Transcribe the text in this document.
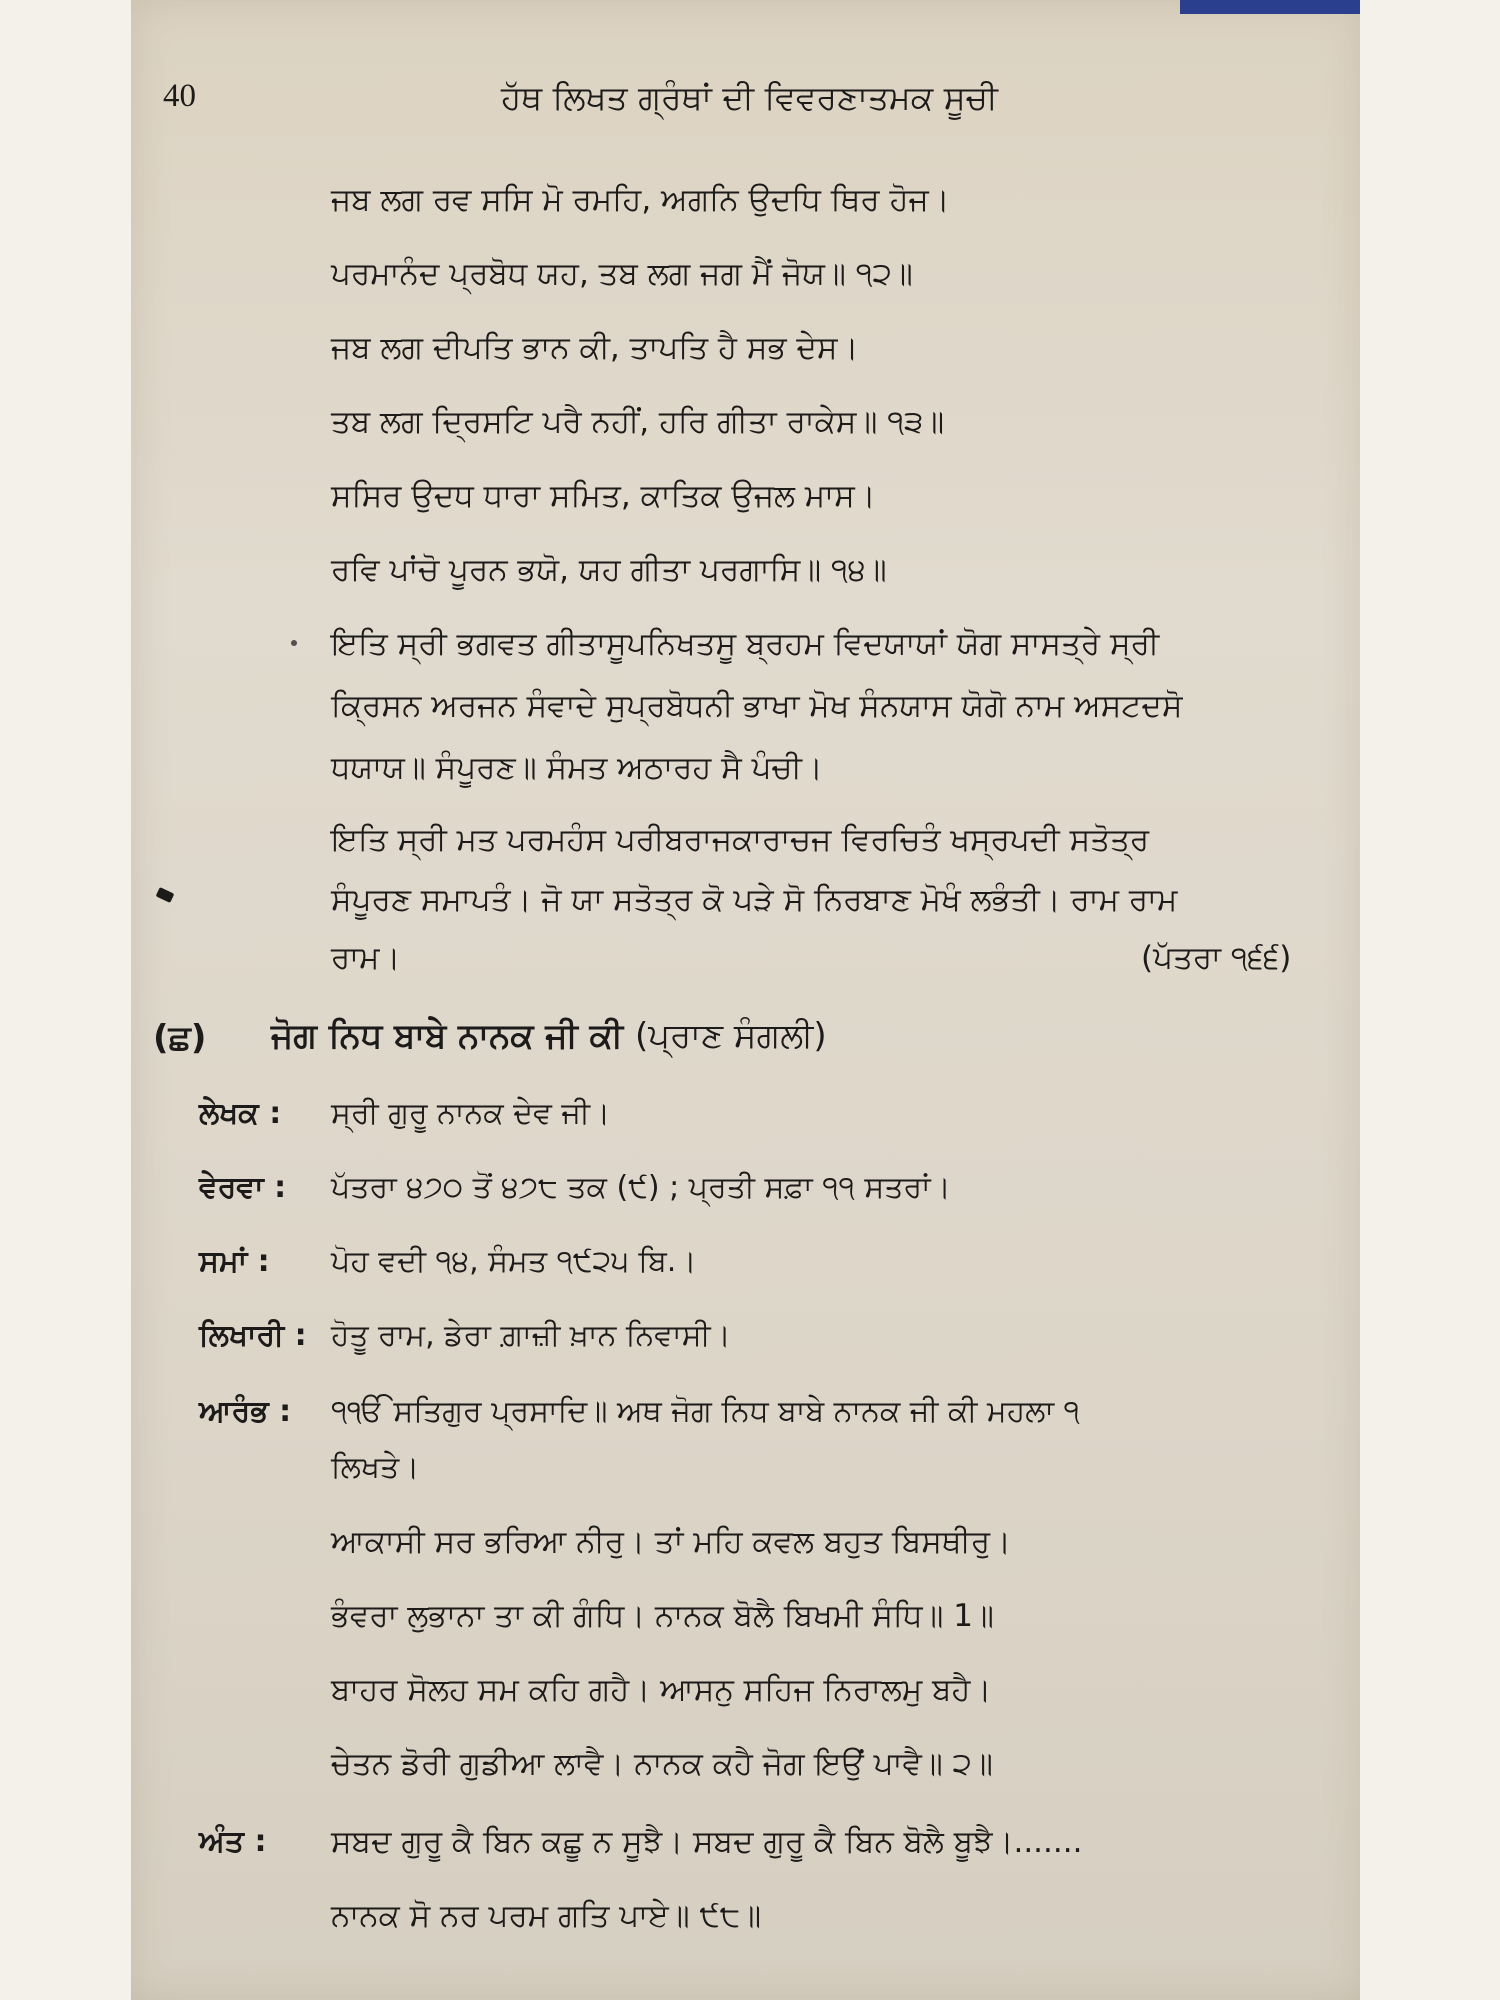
40	ਹੱਥ ਲਿਖਤ ਗ੍ਰੰਥਾਂ ਦੀ ਵਿਵਰਣਾਤਮਕ ਸੂਚੀ
ਜਬ ਲਗ ਰਵ ਸਸਿ ਮੋ ਰਮਹਿ, ਅਗਨਿ ਉਦਧਿ ਥਿਰ ਹੋਜ।
ਪਰਮਾਨੰਦ ਪ੍ਰਬੋਧ ਯਹ, ਤਬ ਲਗ ਜਗ ਮੈਂ ਜੋਯ॥ ੧੨॥
ਜਬ ਲਗ ਦੀਪਤਿ ਭਾਨ ਕੀ, ਤਾਪਤਿ ਹੈ ਸਭ ਦੇਸ।
ਤਬ ਲਗ ਦ੍ਰਿਸਟਿ ਪਰੈ ਨਹੀਂ, ਹਰਿ ਗੀਤਾ ਰਾਕੇਸ॥ ੧੩॥
ਸਸਿਰ ਉਦਧ ਧਾਰਾ ਸਮਿਤ, ਕਾਤਿਕ ਉਜਲ ਮਾਸ।
ਰਵਿ ਪਾਂਚੋ ਪੂਰਨ ਭਯੋ, ਯਹ ਗੀਤਾ ਪਰਗਾਸਿ॥ ੧੪॥
ਇਤਿ ਸ੍ਰੀ ਭਗਵਤ ਗੀਤਾਸੂਪਨਿਖਤਸੂ ਬ੍ਰਹਮ ਵਿਦਯਾਯਾਂ ਯੋਗ ਸਾਸਤ੍ਰੇ ਸ੍ਰੀ
ਕ੍ਰਿਸਨ ਅਰਜਨ ਸੰਵਾਦੇ ਸੁਪ੍ਰਬੋਧਨੀ ਭਾਖਾ ਮੋਖ ਸੰਨਯਾਸ ਯੋਗੋ ਨਾਮ ਅਸਟਦਸੋ
ਧਯਾਯ॥ ਸੰਪੂਰਣ॥ ਸੰਮਤ ਅਠਾਰਹ ਸੈ ਪੰਚੀ।
ਇਤਿ ਸ੍ਰੀ ਮਤ ਪਰਮਹੰਸ ਪਰੀਬਰਾਜਕਾਰਾਚਜ ਵਿਰਚਿਤੰ ਖਸ੍ਰਪਦੀ ਸਤੋਤ੍ਰ
ਸੰਪੂਰਣ ਸਮਾਪਤੰ। ਜੋ ਯਾ ਸਤੋਤ੍ਰ ਕੋ ਪੜੇ ਸੋ ਨਿਰਬਾਣ ਮੋਖੰ ਲਭੰਤੀ। ਰਾਮ ਰਾਮ
ਰਾਮ।	(ਪੱਤਰਾ ੧੬੬)
(ਛ) ਜੋਗ ਨਿਧ ਬਾਬੇ ਨਾਨਕ ਜੀ ਕੀ (ਪ੍ਰਾਣ ਸੰਗਲੀ)
ਲੇਖਕ : ਸ੍ਰੀ ਗੁਰੂ ਨਾਨਕ ਦੇਵ ਜੀ।
ਵੇਰਵਾ : ਪੱਤਰਾ ੪੭੦ ਤੋਂ ੪੭੮ ਤਕ (੯) ; ਪ੍ਰਤੀ ਸਫ਼ਾ ੧੧ ਸਤਰਾਂ।
ਸਮਾਂ : ਪੋਹ ਵਦੀ ੧੪, ਸੰਮਤ ੧੯੨੫ ਬਿ.।
ਲਿਖਾਰੀ : ਹੋਤੂ ਰਾਮ, ਡੇਰਾ ਗ਼ਾਜ਼ੀ ਖ਼ਾਨ ਨਿਵਾਸੀ।
ਆਰੰਭ : ੧ੴ ਸਤਿਗੁਰ ਪ੍ਰਸਾਦਿ॥ ਅਥ ਜੋਗ ਨਿਧ ਬਾਬੇ ਨਾਨਕ ਜੀ ਕੀ ਮਹਲਾ ੧
ਲਿਖਤੇ।
ਆਕਾਸੀ ਸਰ ਭਰਿਆ ਨੀਰੁ। ਤਾਂ ਮਹਿ ਕਵਲ ਬਹੁਤ ਬਿਸਥੀਰੁ।
ਭੰਵਰਾ ਲੁਭਾਨਾ ਤਾ ਕੀ ਗੰਧਿ। ਨਾਨਕ ਬੋਲੈ ਬਿਖਮੀ ਸੰਧਿ॥ 1॥
ਬਾਹਰ ਸੋਲਹ ਸਮ ਕਹਿ ਗਹੈ। ਆਸਨੁ ਸਹਿਜ ਨਿਰਾਲਮੁ ਬਹੈ।
ਚੇਤਨ ਡੋਰੀ ਗੁਡੀਆ ਲਾਵੈ। ਨਾਨਕ ਕਹੈ ਜੋਗ ਇਉਂ ਪਾਵੈ॥ ੨॥
ਅੰਤ : ਸਬਦ ਗੁਰੂ ਕੈ ਬਿਨ ਕਛੂ ਨ ਸੂਝੈ। ਸਬਦ ਗੁਰੂ ਕੈ ਬਿਨ ਬੋਲੈ ਬੂਝੈ।.......
ਨਾਨਕ ਸੋ ਨਰ ਪਰਮ ਗਤਿ ਪਾਏ॥ ੯੮॥
